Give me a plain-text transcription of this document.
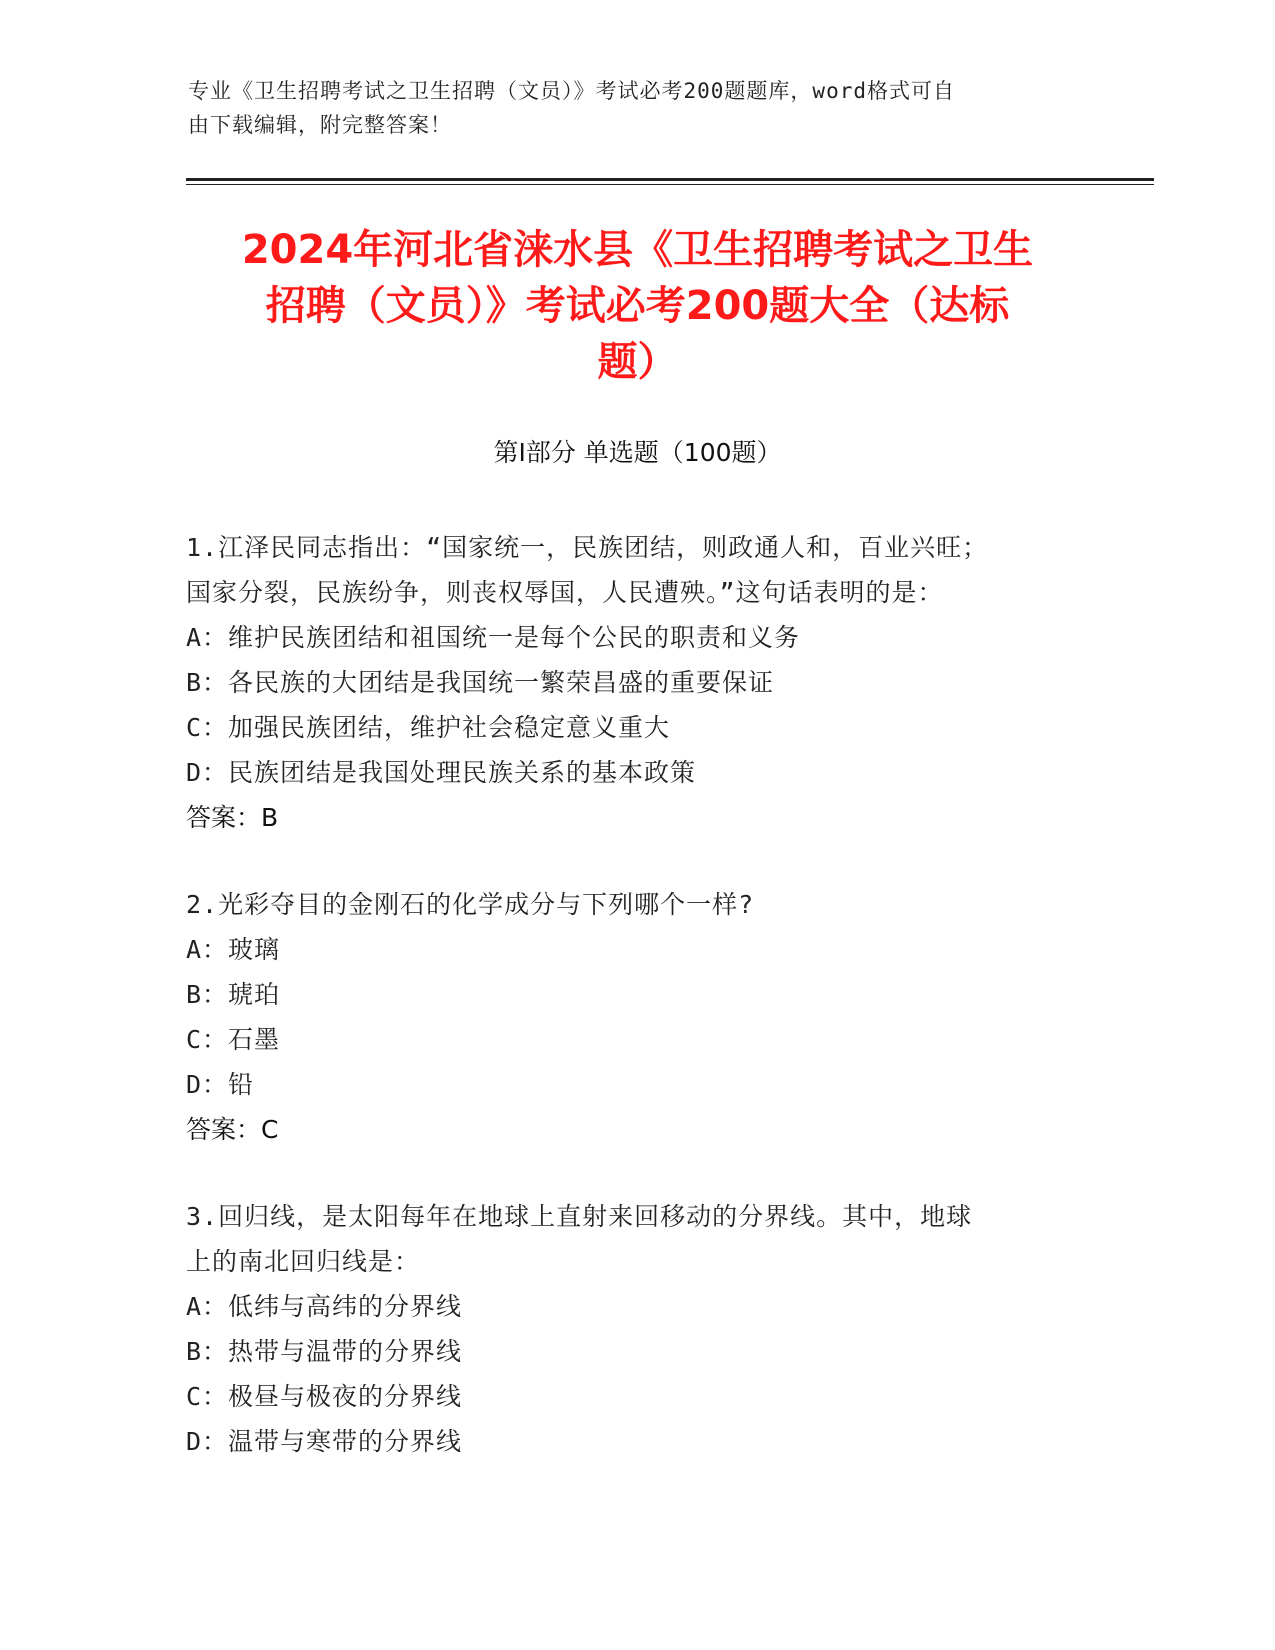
专业《卫生招聘考试之卫生招聘（文员）》考试必考200题题库，word格式可自
由下载编辑，附完整答案！
2024年河北省涞水县《卫生招聘考试之卫生
招聘（文员）》考试必考200题大全（达标
题）
第Ⅰ部分 单选题（100题）
1.江泽民同志指出：“国家统一，民族团结，则政通人和，百业兴旺；
国家分裂，民族纷争，则丧权辱国，人民遭殃。”这句话表明的是：
A：维护民族团结和祖国统一是每个公民的职责和义务
B：各民族的大团结是我国统一繁荣昌盛的重要保证
C：加强民族团结，维护社会稳定意义重大
D：民族团结是我国处理民族关系的基本政策
答案：B
2.光彩夺目的金刚石的化学成分与下列哪个一样?
A：玻璃
B：琥珀
C：石墨
D：铅
答案：C
3.回归线，是太阳每年在地球上直射来回移动的分界线。其中，地球
上的南北回归线是：
A：低纬与高纬的分界线
B：热带与温带的分界线
C：极昼与极夜的分界线
D：温带与寒带的分界线
